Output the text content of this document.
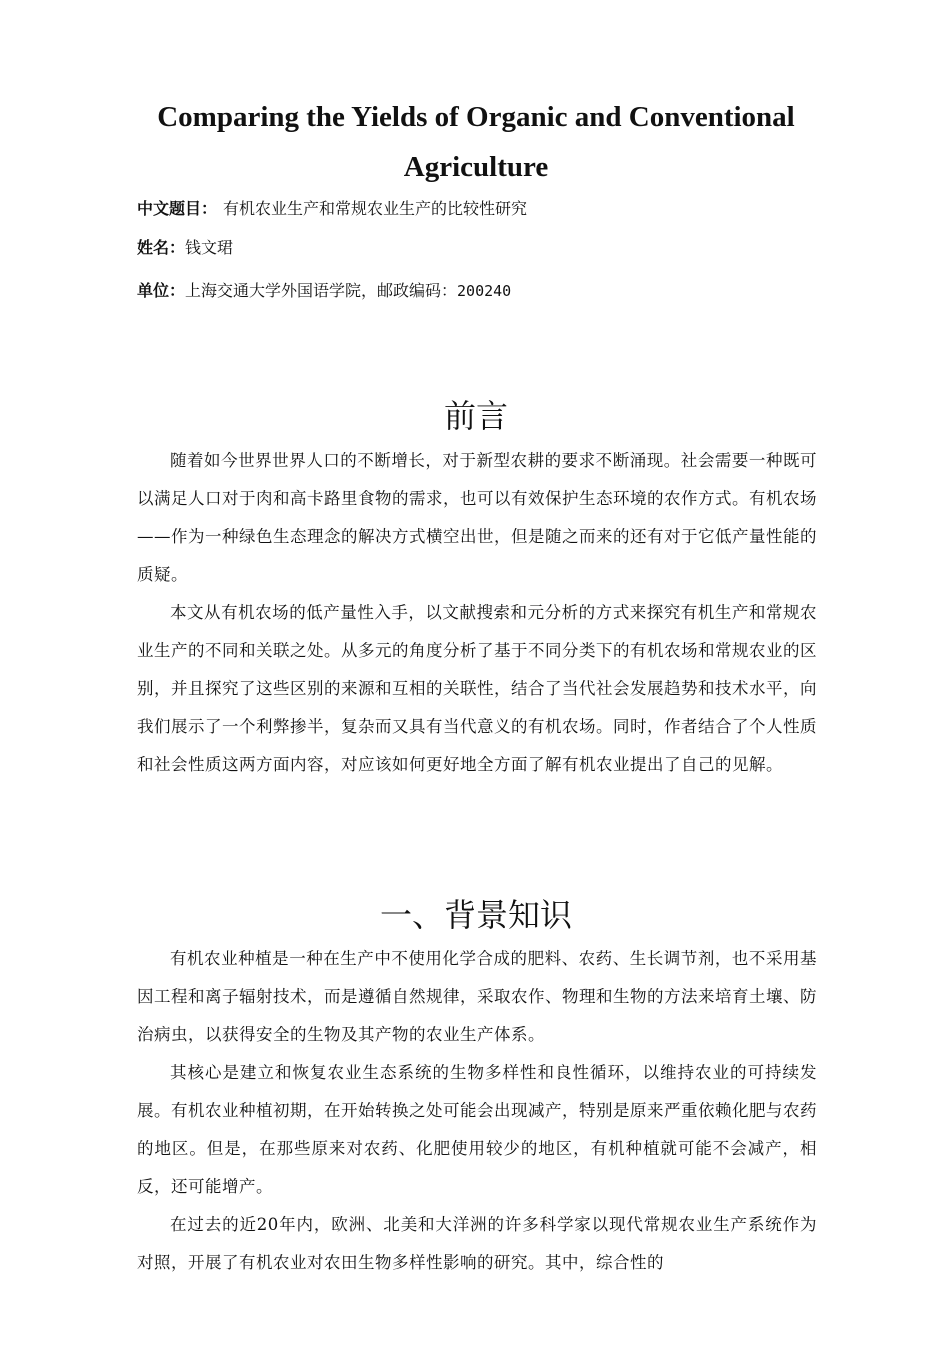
Comparing the Yields of Organic and Conventional Agriculture
中文题目： 有机农业生产和常规农业生产的比较性研究
姓名：钱文珺
单位：上海交通大学外国语学院，邮政编码：200240
前言

随着如今世界世界人口的不断增长，对于新型农耕的要求不断涌现。社会需要一种既可以满足人口对于肉和高卡路里食物的需求，也可以有效保护生态环境的农作方式。有机农场——作为一种绿色生态理念的解决方式横空出世，但是随之而来的还有对于它低产量性能的质疑。

本文从有机农场的低产量性入手，以文献搜索和元分析的方式来探究有机生产和常规农业生产的不同和关联之处。从多元的角度分析了基于不同分类下的有机农场和常规农业的区别，并且探究了这些区别的来源和互相的关联性，结合了当代社会发展趋势和技术水平，向我们展示了一个利弊掺半，复杂而又具有当代意义的有机农场。同时，作者结合了个人性质和社会性质这两方面内容，对应该如何更好地全方面了解有机农业提出了自己的见解。

一、背景知识

有机农业种植是一种在生产中不使用化学合成的肥料、农药、生长调节剂，也不采用基因工程和离子辐射技术，而是遵循自然规律，采取农作、物理和生物的方法来培育土壤、防治病虫，以获得安全的生物及其产物的农业生产体系。

其核心是建立和恢复农业生态系统的生物多样性和良性循环，以维持农业的可持续发展。有机农业种植初期，在开始转换之处可能会出现减产，特别是原来严重依赖化肥与农药的地区。但是，在那些原来对农药、化肥使用较少的地区，有机种植就可能不会减产，相反，还可能增产。

在过去的近20年内，欧洲、北美和大洋洲的许多科学家以现代常规农业生产系统作为对照，开展了有机农业对农田生物多样性影响的研究。其中，综合性的
